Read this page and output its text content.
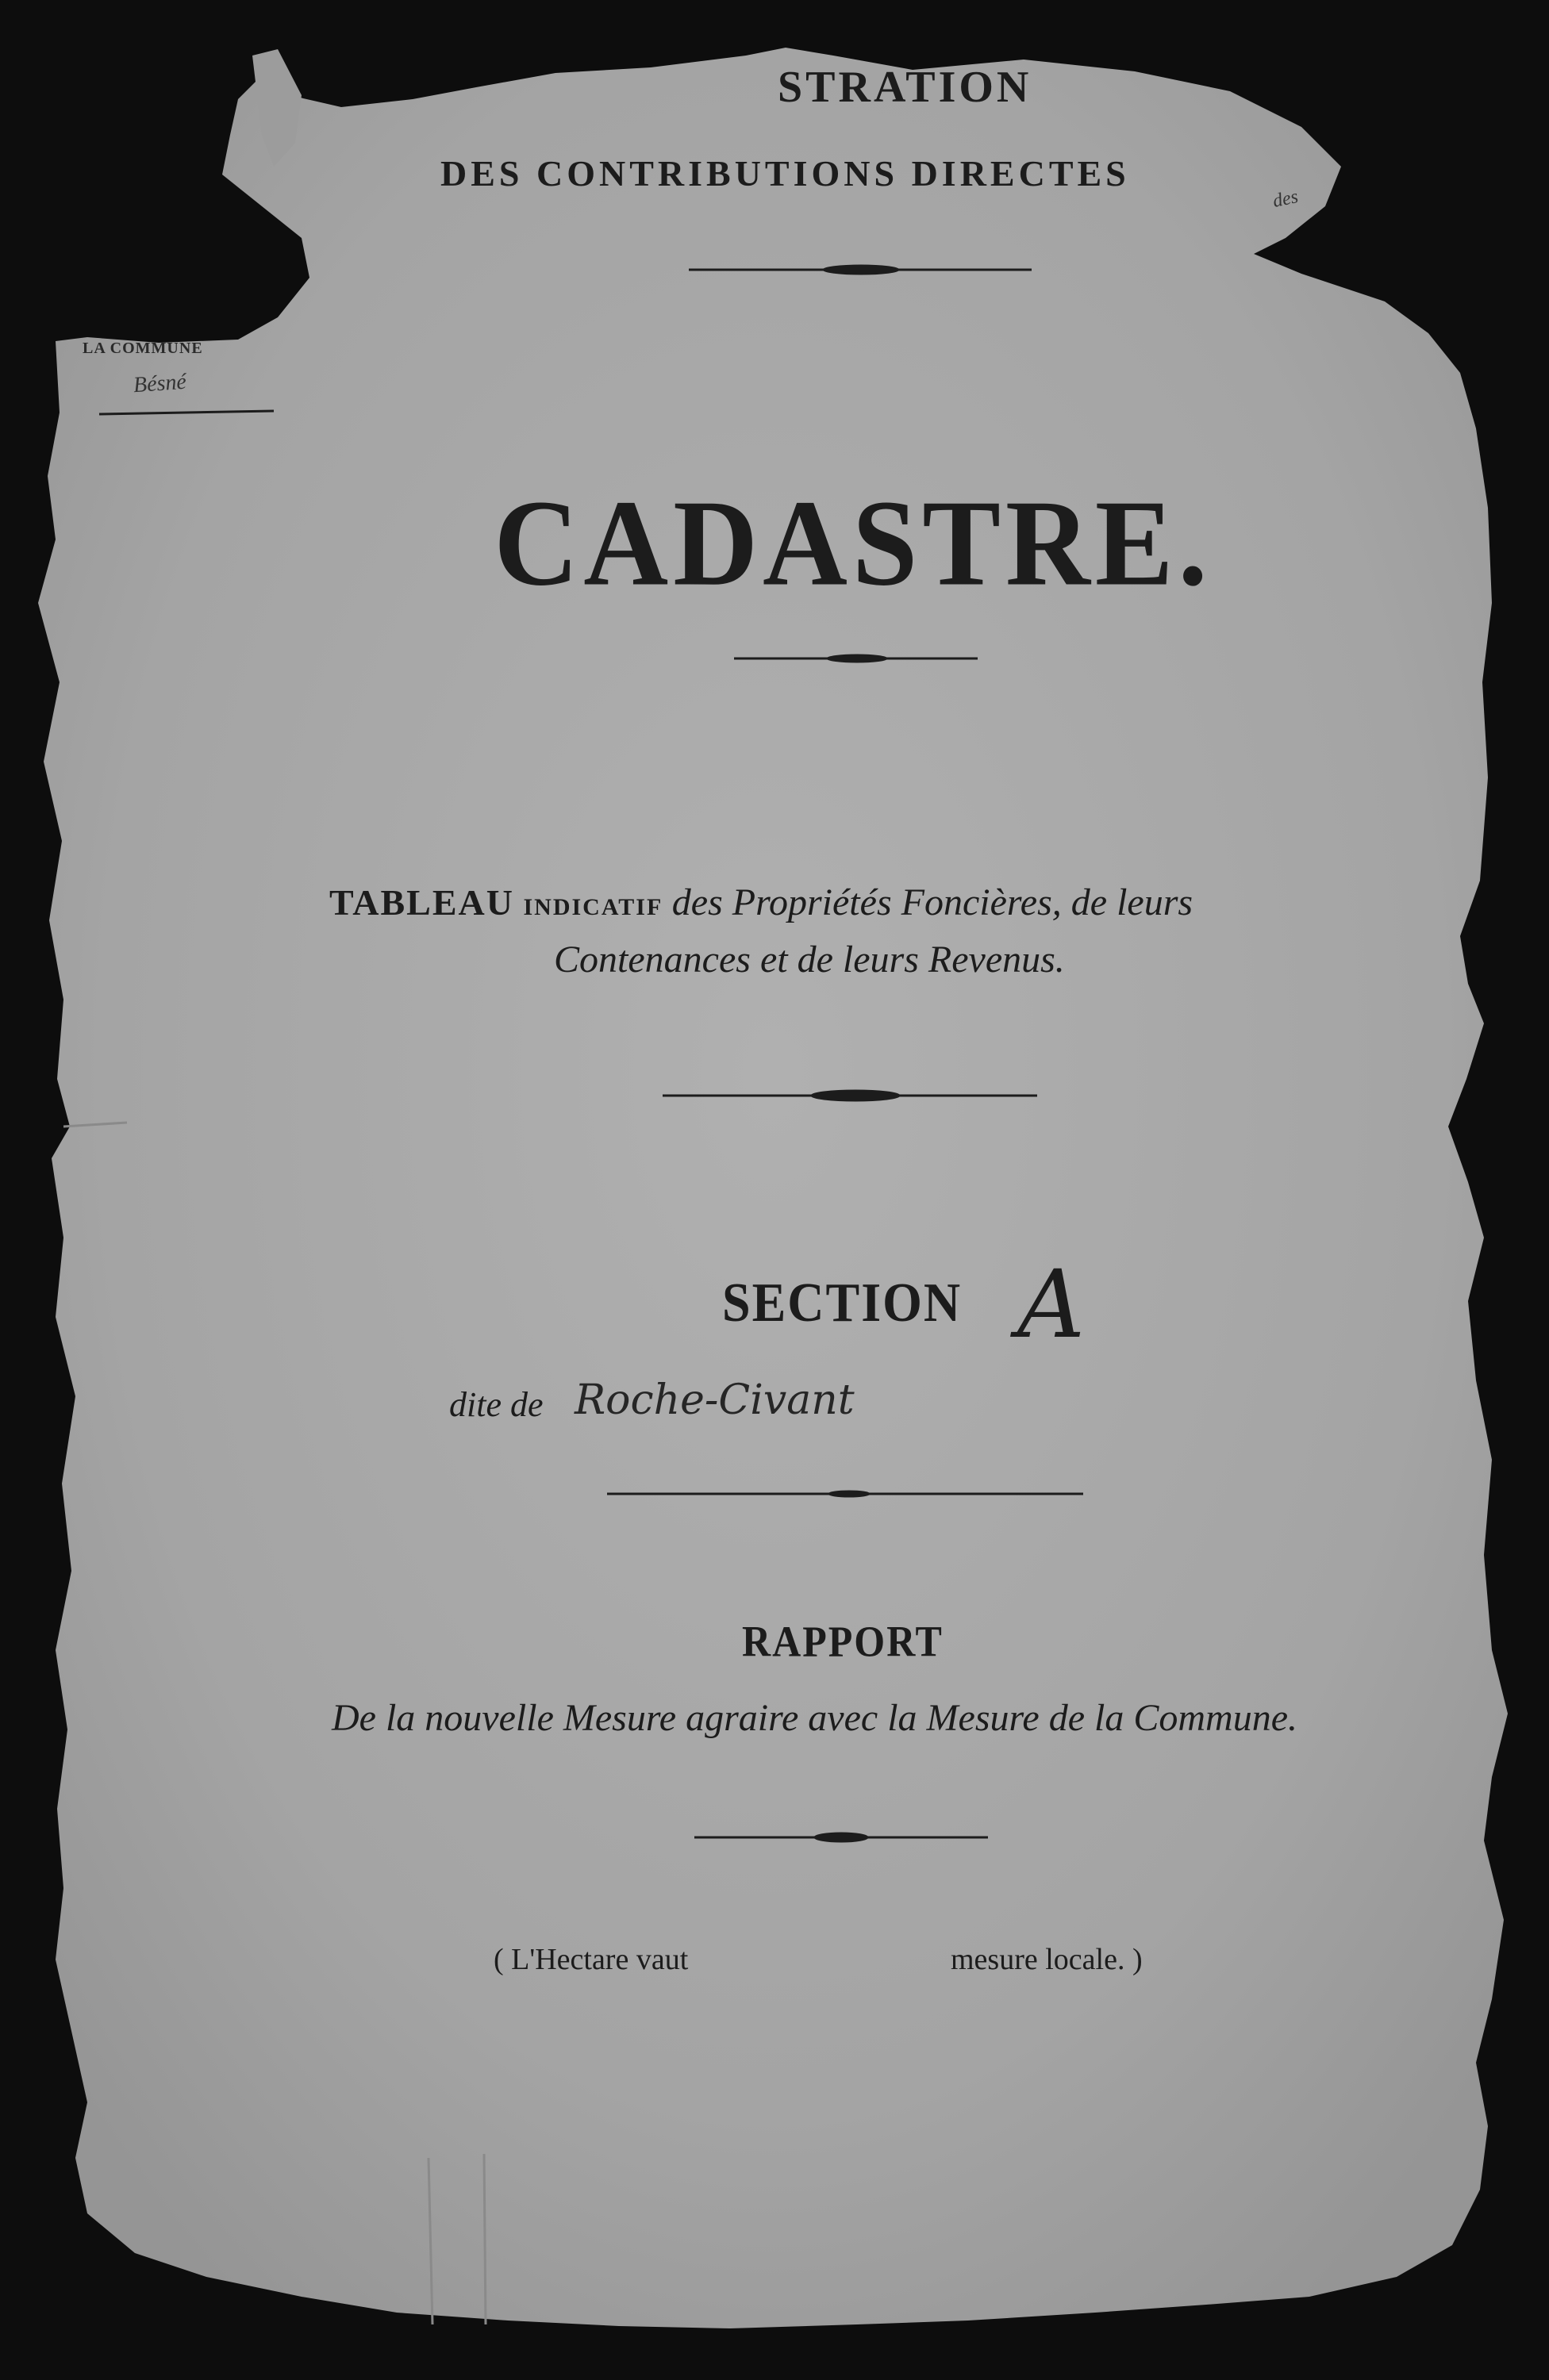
STRATION
DES CONTRIBUTIONS DIRECTES
des
LA COMMUNE
Bésné
CADASTRE.
TABLEAU INDICATIF des Propriétés Foncières, de leurs
Contenances et de leurs Revenus.
SECTION A
dite de Roche-Civant
RAPPORT
De la nouvelle Mesure agraire avec la Mesure de la Commune.
( L'Hectare vaut	mesure locale. )
